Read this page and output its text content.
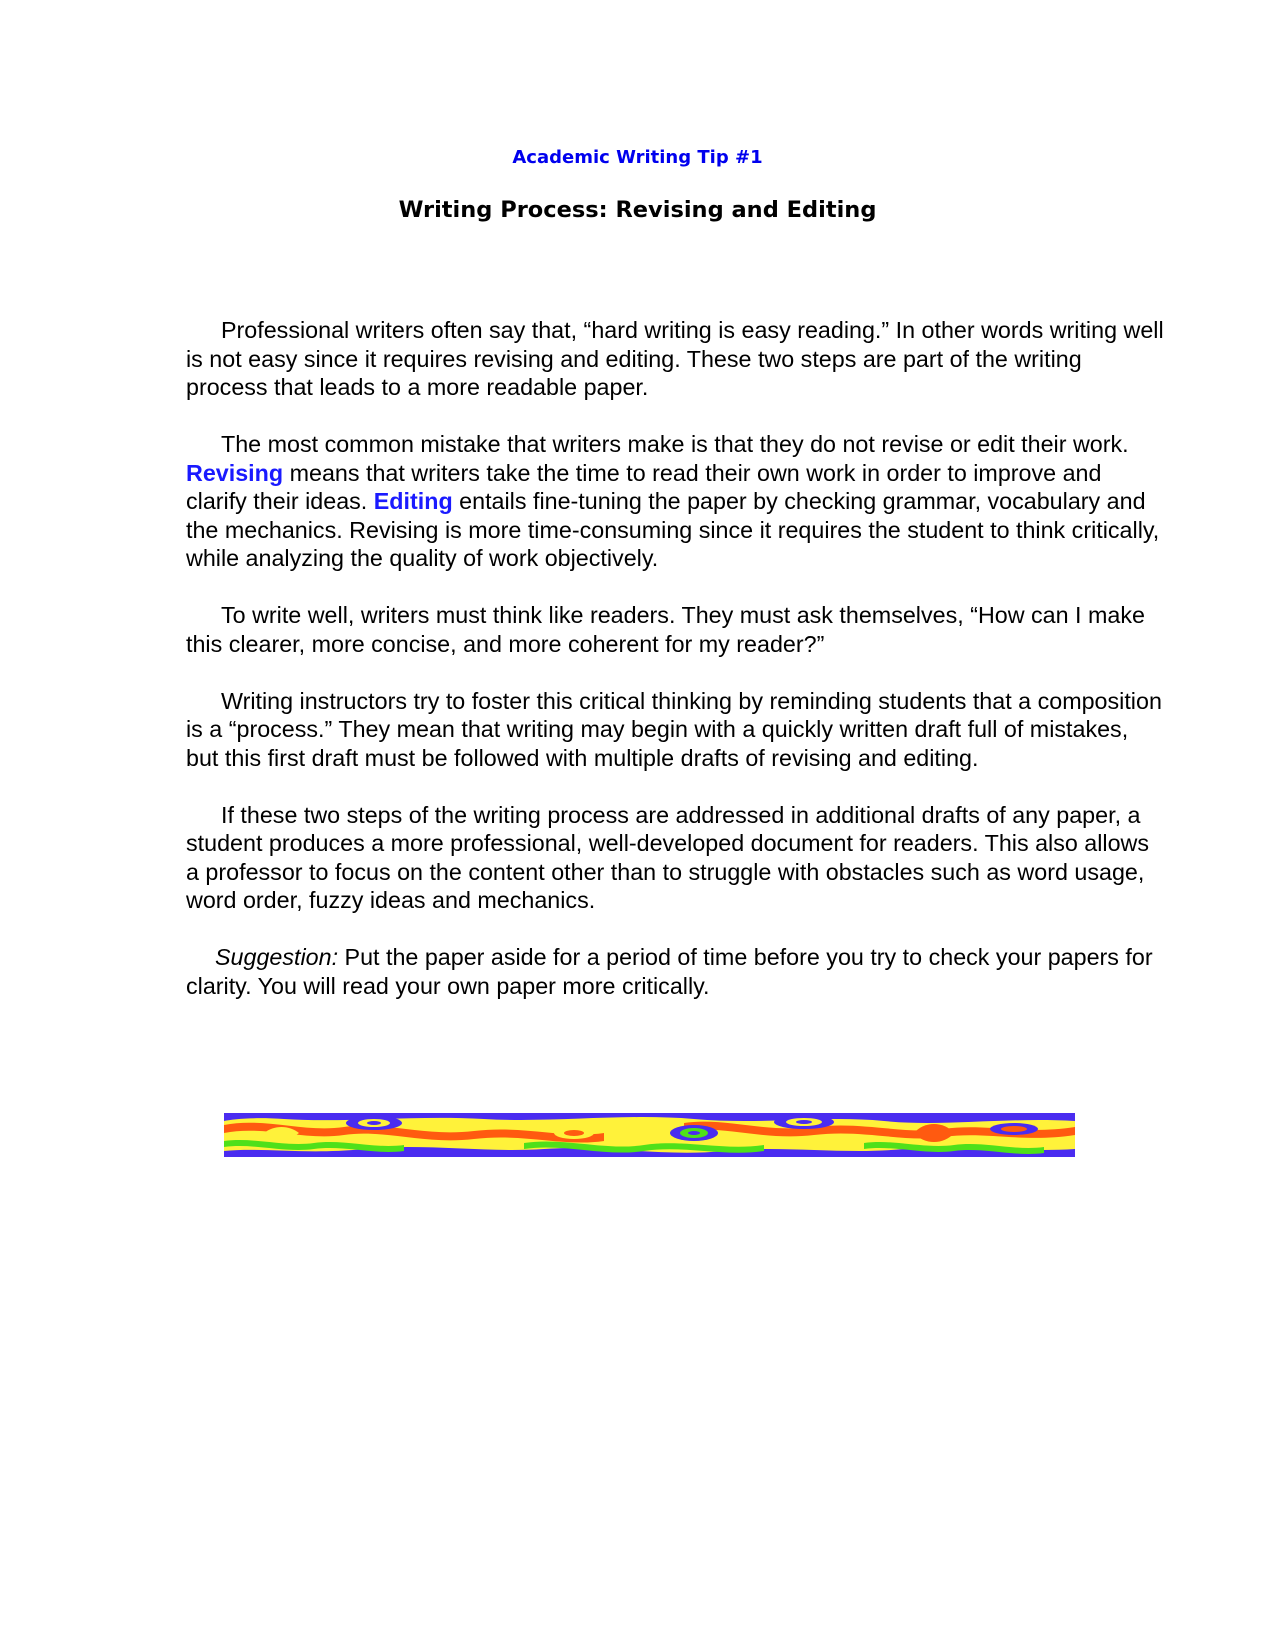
Academic Writing Tip #1
Writing Process: Revising and Editing

Professional writers often say that, “hard writing is easy reading.” In other words writing well is not easy since it requires revising and editing. These two steps are part of the writing process that leads to a more readable paper.

The most common mistake that writers make is that they do not revise or edit their work. Revising means that writers take the time to read their own work in order to improve and clarify their ideas. Editing entails fine-tuning the paper by checking grammar, vocabulary and the mechanics. Revising is more time-consuming since it requires the student to think critically, while analyzing the quality of work objectively.

To write well, writers must think like readers. They must ask themselves, “How can I make this clearer, more concise, and more coherent for my reader?”

Writing instructors try to foster this critical thinking by reminding students that a composition is a “process.” They mean that writing may begin with a quickly written draft full of mistakes, but this first draft must be followed with multiple drafts of revising and editing.

If these two steps of the writing process are addressed in additional drafts of any paper, a student produces a more professional, well-developed document for readers. This also allows a professor to focus on the content other than to struggle with obstacles such as word usage, word order, fuzzy ideas and mechanics.

Suggestion: Put the paper aside for a period of time before you try to check your papers for clarity. You will read your own paper more critically.
